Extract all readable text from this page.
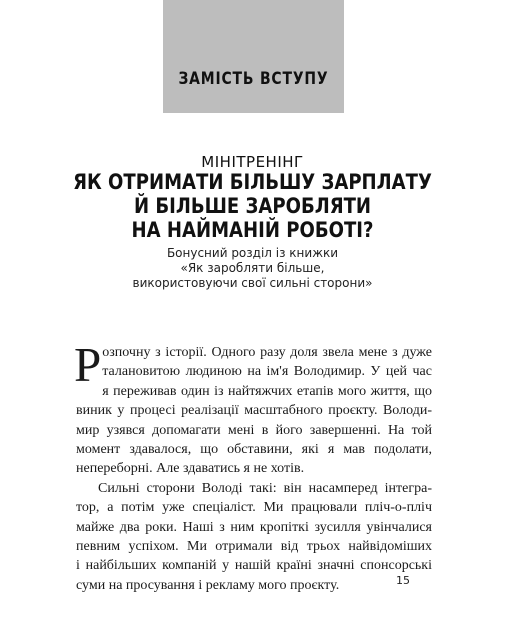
ЗАМІСТЬ ВСТУПУ
МІНІТРЕНІНГ
ЯК ОТРИМАТИ БІЛЬШУ ЗАРПЛАТУ
Й БІЛЬШЕ ЗАРОБЛЯТИ
НА НАЙМАНІЙ РОБОТІ?
Бонусний розділ із книжки
«Як заробляти більше,
використовуючи свої сильні сторони»
Р озпочну з історії. Одного разу доля звела мене з дуже
талановитою людиною на ім'я Володимир. У цей час
я переживав один із найтяжчих етапів мого життя, що
виник у процесі реалізації масштабного проєкту. Володи-
мир узявся допомагати мені в його завершенні. На той
момент здавалося, що обставини, які я мав подолати,
непереборні. Але здаватись я не хотів.
Сильні сторони Володі такі: він насамперед інтегра-
тор, а потім уже спеціаліст. Ми працювали пліч-о-пліч
майже два роки. Наші з ним кропіткі зусилля увінчалися
певним успіхом. Ми отримали від трьох найвідоміших
і найбільших компаній у нашій країні значні спонсорські
суми на просування і рекламу мого проєкту.	15
